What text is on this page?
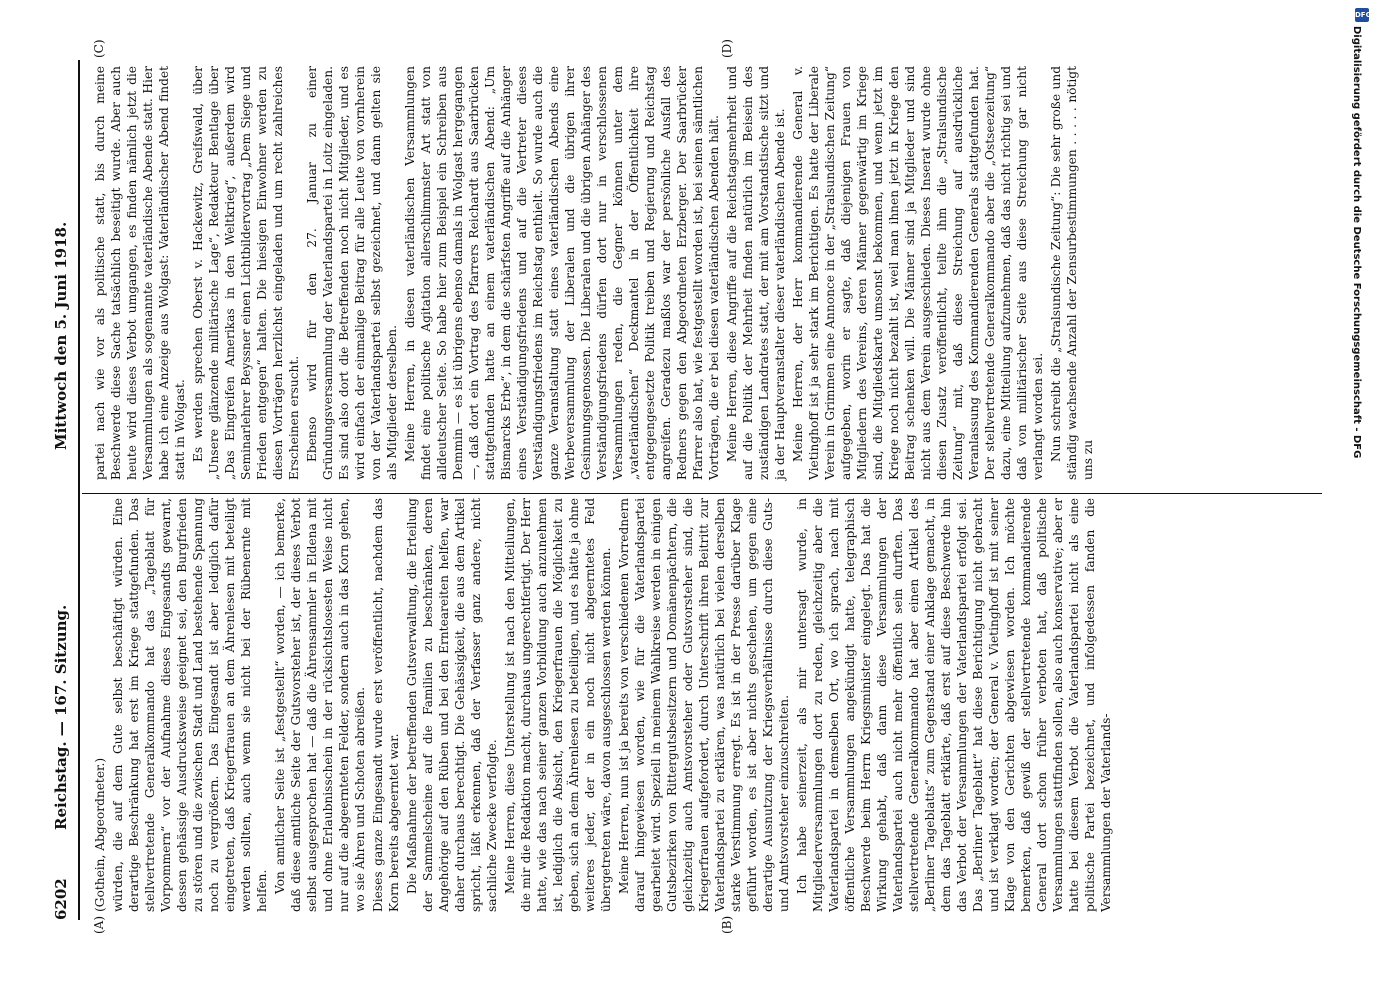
6202
Reichstag. — 167. Sitzung.
Mittwoch den 5. Juni 1918.
(A)	(B)
(C)	(D)

(Gothein, Abgeordneter.) würden, die auf dem Gute selbst beschäftigt würden. Eine derartige Beschränkung hat erst im Kriege stattgefunden. Das stellvertretende Generalkommando hat das „Tageblatt für Vorpommern“ vor der Aufnahme dieses Eingesandts gewarnt, dessen gehässige Ausdrucksweise geeignet sei, den Burgfrieden zu stören und die zwischen Stadt und Land bestehende Spannung noch zu vergrößern. Das Eingesandt ist aber lediglich dafür eingetreten, daß Kriegerfrauen an dem Ährenlesen mit beteiligt werden sollten, auch wenn sie nicht bei der Rübenernte mit helfen. Von amtlicher Seite ist „festgestellt“ worden, — ich bemerke, daß diese amtliche Seite der Gutsvorsteher ist, der dieses Verbot selbst ausgesprochen hat — daß die Ährensammler in Eldena mit und ohne Erlaubnisschein in der rücksichtslosesten Weise nicht nur auf die abgeernteten Felder, sondern auch in das Korn gehen, wo sie Ähren und Schoten abreißen. Dieses ganze Eingesandt wurde erst veröffentlicht, nachdem das Korn bereits abgeerntet war. Die Maßnahme der betreffenden Gutsverwaltung, die Erteilung der Sammelscheine auf die Familien zu beschränken, deren Angehörige auf den Rüben und bei den Ernteareiten helfen, war daher durchaus berechtigt. Die Gehässigkeit, die aus dem Artikel spricht, läßt erkennen, daß der Verfasser ganz andere, nicht sachliche Zwecke verfolgte. Meine Herren, diese Unterstellung ist nach den Mitteilungen, die mir die Redaktion macht, durchaus ungerechtfertigt. Der Herr hatte, wie das nach seiner ganzen Vorbildung auch anzunehmen ist, lediglich die Absicht, den Kriegerfrauen die Möglichkeit zu geben, sich an dem Ährenlesen zu beteiligen, und es hätte ja ohne weiteres jeder, der in ein noch nicht abgeerntetes Feld übergetreten wäre, davon ausgeschlossen werden können. Meine Herren, nun ist ja bereits von verschiedenen Vorrednern darauf hingewiesen worden, wie für die Vaterlandspartei gearbeitet wird. Speziell in meinem Wahlkreise werden in einigen Gutsbezirken von Rittergutsbesitzern und Domänenpächtern, die gleichzeitig auch Amtsvorsteher oder Gutsvorsteher sind, die Kriegerfrauen aufgefordert, durch Unterschrift ihren Beitritt zur Vaterlandspartei zu erklären, was natürlich bei vielen derselben starke Verstimmung erregt. Es ist in der Presse darüber Klage geführt worden, es ist aber nichts geschehen, um gegen eine derartige Ausnutzung der Kriegsverhältnisse durch diese Guts- und Amtsvorsteher einzuschreiten. Ich habe seinerzeit, als mir untersagt wurde, in Mitgliederversammlungen dort zu reden, gleichzeitig aber die Vaterlandspartei in demselben Ort, wo ich sprach, nach mit öffentliche Versammlungen angekündigt hatte, telegraphisch Beschwerde beim Herrn Kriegsminister eingelegt. Das hat die Wirkung gehabt, daß dann diese Versammlungen der Vaterlandspartei auch nicht mehr öffentlich sein durften. Das stellvertretende Generalkommando hat aber einen Artikel des „Berliner Tageblatts“ zum Gegenstand einer Anklage gemacht, in dem das Tageblatt erklärte, daß erst auf diese Beschwerde hin das Verbot der Versammlungen der Vaterlandspartei erfolgt sei. Das „Berliner Tageblatt“ hat diese Berichtigung nicht gebracht und ist verklagt worden; der General v. Vietinghoff ist mit seiner Klage von den Gerichten abgewiesen worden. Ich möchte bemerken, daß gewiß der stellvertretende kommandierende General dort schon früher verboten hat, daß politische Versammlungen stattfinden sollen, also auch konservative; aber er hatte bei diesem Verbot die Vaterlandspartei nicht als eine politische Partei bezeichnet, und infolgedessen fanden die Versammlungen der Vaterlands-

partei nach wie vor als politische statt, bis durch meine Beschwerde diese Sache tatsächlich beseitigt wurde. Aber auch heute wird dieses Verbot umgangen, es finden nämlich jetzt die Versammlungen als sogenannte vaterländische Abende statt. Hier habe ich eine Anzeige aus Wolgast: Vaterländischer Abend findet statt in Wolgast. Es werden sprechen Oberst v. Hackewitz, Greifswald, über „Unsere glänzende militärische Lage“, Redakteur Bentlage über „Das Eingreifen Amerikas in den Weltkrieg“, außerdem wird Seminarlehrer Beyssner einen Lichtbildervortrag „Dem Siege und Frieden entgegen“ halten. Die hiesigen Einwohner werden zu diesen Vorträgen herzlichst eingeladen und um recht zahlreiches Erscheinen ersucht. Ebenso wird für den 27. Januar zu einer Gründungsversammlung der Vaterlandspartei in Loitz eingeladen. Es sind also dort die Betreffenden noch nicht Mitglieder, und es wird einfach der einmalige Beitrag für alle Leute von vornherein von der Vaterlandspartei selbst gezeichnet, und dann gelten sie als Mitglieder derselben. Meine Herren, in diesen vaterländischen Versammlungen findet eine politische Agitation allerschlimmster Art statt von alldeutscher Seite. So habe hier zum Beispiel ein Schreiben aus Demmin — es ist übrigens ebenso damals in Wolgast hergegangen —, daß dort ein Vortrag des Pfarrers Reichardt aus Saarbrücken stattgefunden hatte an einem vaterländischen Abend: „Um Bismarcks Erbe“, in dem die schärfsten Angriffe auf die Anhänger eines Verständigungsfriedens und auf die Vertreter dieses Verständigungsfriedens im Reichstag enthielt. So wurde auch die ganze Veranstaltung statt eines vaterländischen Abends eine Werbeversammlung der Liberalen und die übrigen ihrer Gesinnungsgenossen. Die Liberalen und die übrigen Anhänger des Verständigungsfriedens dürfen dort nur in verschlossenen Versammlungen reden, die Gegner können unter dem „vaterländischen“ Deckmantel in der Öffentlichkeit ihre entgegengesetzte Politik treiben und Regierung und Reichstag angreifen. Geradezu maßlos war der persönliche Ausfall des Redners gegen den Abgeordneten Erzberger. Der Saarbrücker Pfarrer also hat, wie festgestellt worden ist, bei seinen sämtlichen Vorträgen, die er bei diesen vaterländischen Abenden hält. Meine Herren, diese Angriffe auf die Reichstagsmehrheit und auf die Politik der Mehrheit finden natürlich im Beisein des zuständigen Landrates statt, der mit am Vorstandstische sitzt und ja der Hauptveranstalter dieser vaterländischen Abende ist. Meine Herren, der Herr kommandierende General v. Vietinghoff ist ja sehr stark im Berichtigen. Es hatte der Liberale Verein in Grimmen eine Annonce in der „Stralsundischen Zeitung“ aufgegeben, worin er sagte, daß diejenigen Frauen von Mitgliedern des Vereins, deren Männer gegenwärtig im Kriege sind, die Mitgliedskarte umsonst bekommen, und wenn jetzt im Kriege noch nicht bezahlt ist, weil man ihnen jetzt in Kriege den Beitrag schenken will. Die Männer sind ja Mitglieder und sind nicht aus dem Verein ausgeschieden. Dieses Inserat wurde ohne diesen Zusatz veröffentlicht, teilte ihm die „Stralsundische Zeitung“ mit, daß diese Streichung auf ausdrückliche Veranlassung des Kommandierenden Generals stattgefunden hat. Der stellvertretende Generalkommando aber die „Ostseezeitung“ dazu, eine Mitteilung aufzunehmen, daß das nicht richtig sei und daß von militärischer Seite aus diese Streichung gar nicht verlangt worden sei. Nun schreibt die „Stralsundische Zeitung“: Die sehr große und ständig wachsende Anzahl der Zensurbestimmungen . . . . . nötigt uns zu

DFG
Digitalisierung gefördert durch die Deutsche Forschungsgemeinschaft - DFG
